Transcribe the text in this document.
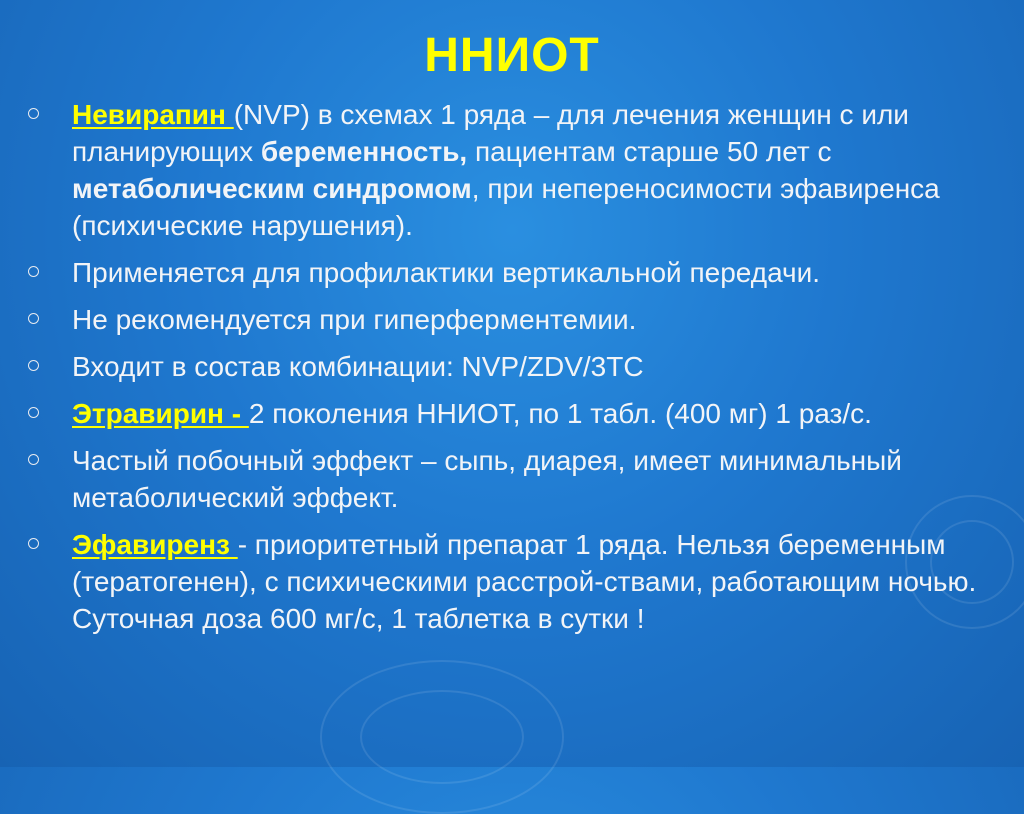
ННИОТ
Невирапин (NVP) в схемах 1 ряда – для лечения женщин с или планирующих беременность, пациентам старше 50 лет с метаболическим синдромом, при непереносимости эфавиренса (психические нарушения).
Применяется для профилактики вертикальной передачи.
Не рекомендуется при гиперферментемии.
Входит в состав комбинации: NVP/ZDV/3TC
Этравирин - 2 поколения ННИОТ, по 1 табл. (400 мг) 1 раз/с.
Частый побочный эффект – сыпь, диарея, имеет минимальный метаболический эффект.
Эфавиренз - приоритетный препарат 1 ряда. Нельзя беременным (тератогенен), с психическими расстрой-ствами, работающим ночью. Суточная доза 600 мг/с, 1 таблетка в сутки !
